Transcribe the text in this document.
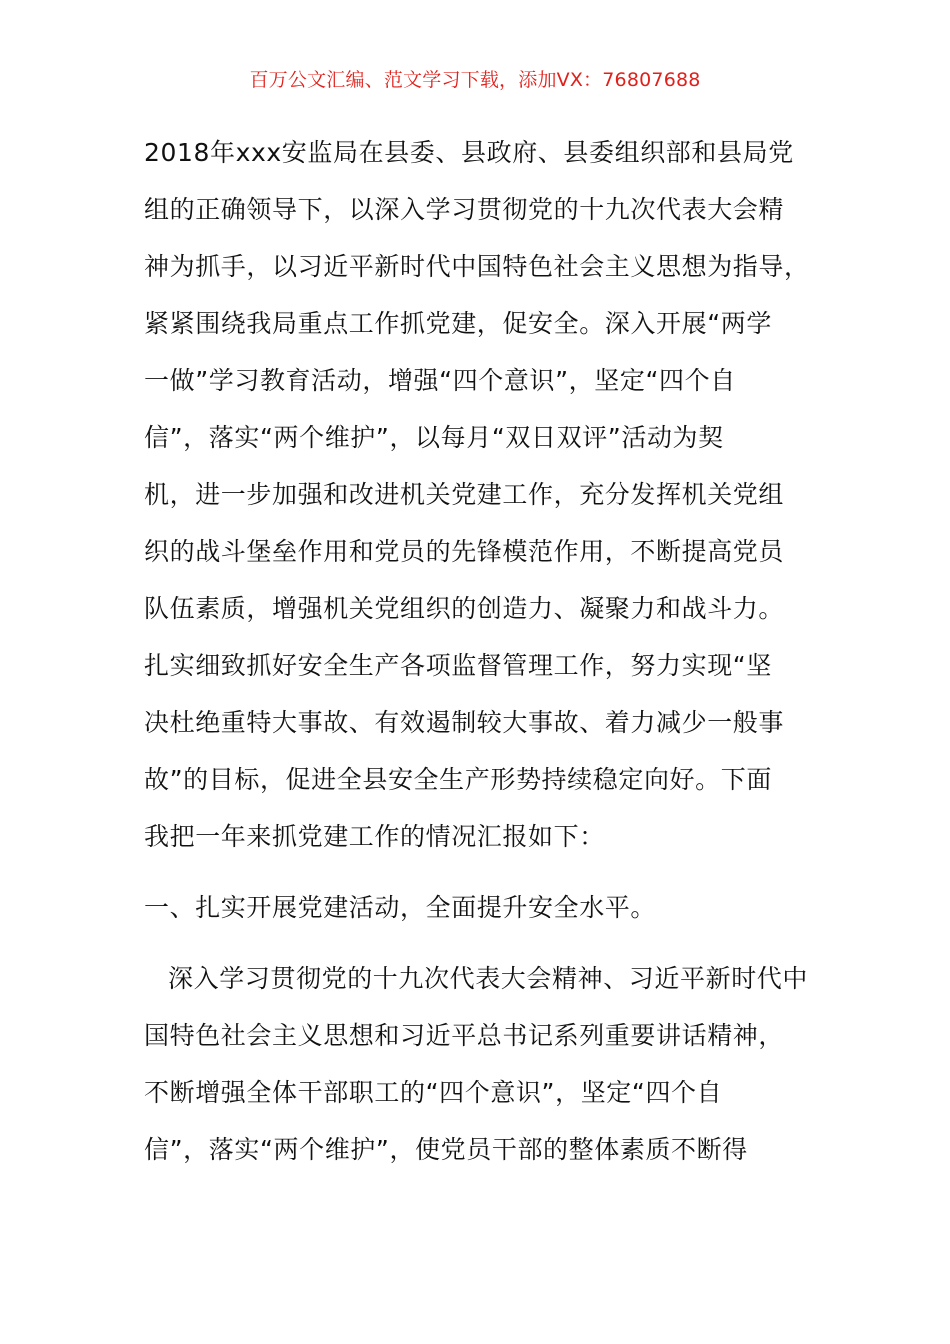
百万公文汇编、范文学习下载，添加VX：76807688
2018年xxx安监局在县委、县政府、县委组织部和县局党
组的正确领导下，以深入学习贯彻党的十九次代表大会精
神为抓手，以习近平新时代中国特色社会主义思想为指导，
紧紧围绕我局重点工作抓党建，促安全。深入开展“两学
一做”学习教育活动，增强“四个意识”，坚定“四个自
信”，落实“两个维护”，以每月“双日双评”活动为契
机，进一步加强和改进机关党建工作，充分发挥机关党组
织的战斗堡垒作用和党员的先锋模范作用，不断提高党员
队伍素质，增强机关党组织的创造力、凝聚力和战斗力。
扎实细致抓好安全生产各项监督管理工作，努力实现“坚
决杜绝重特大事故、有效遏制较大事故、着力减少一般事
故”的目标，促进全县安全生产形势持续稳定向好。下面
我把一年来抓党建工作的情况汇报如下：
一、扎实开展党建活动，全面提升安全水平。
深入学习贯彻党的十九次代表大会精神、习近平新时代中
国特色社会主义思想和习近平总书记系列重要讲话精神，
不断增强全体干部职工的“四个意识”，坚定“四个自
信”，落实“两个维护”，使党员干部的整体素质不断得
